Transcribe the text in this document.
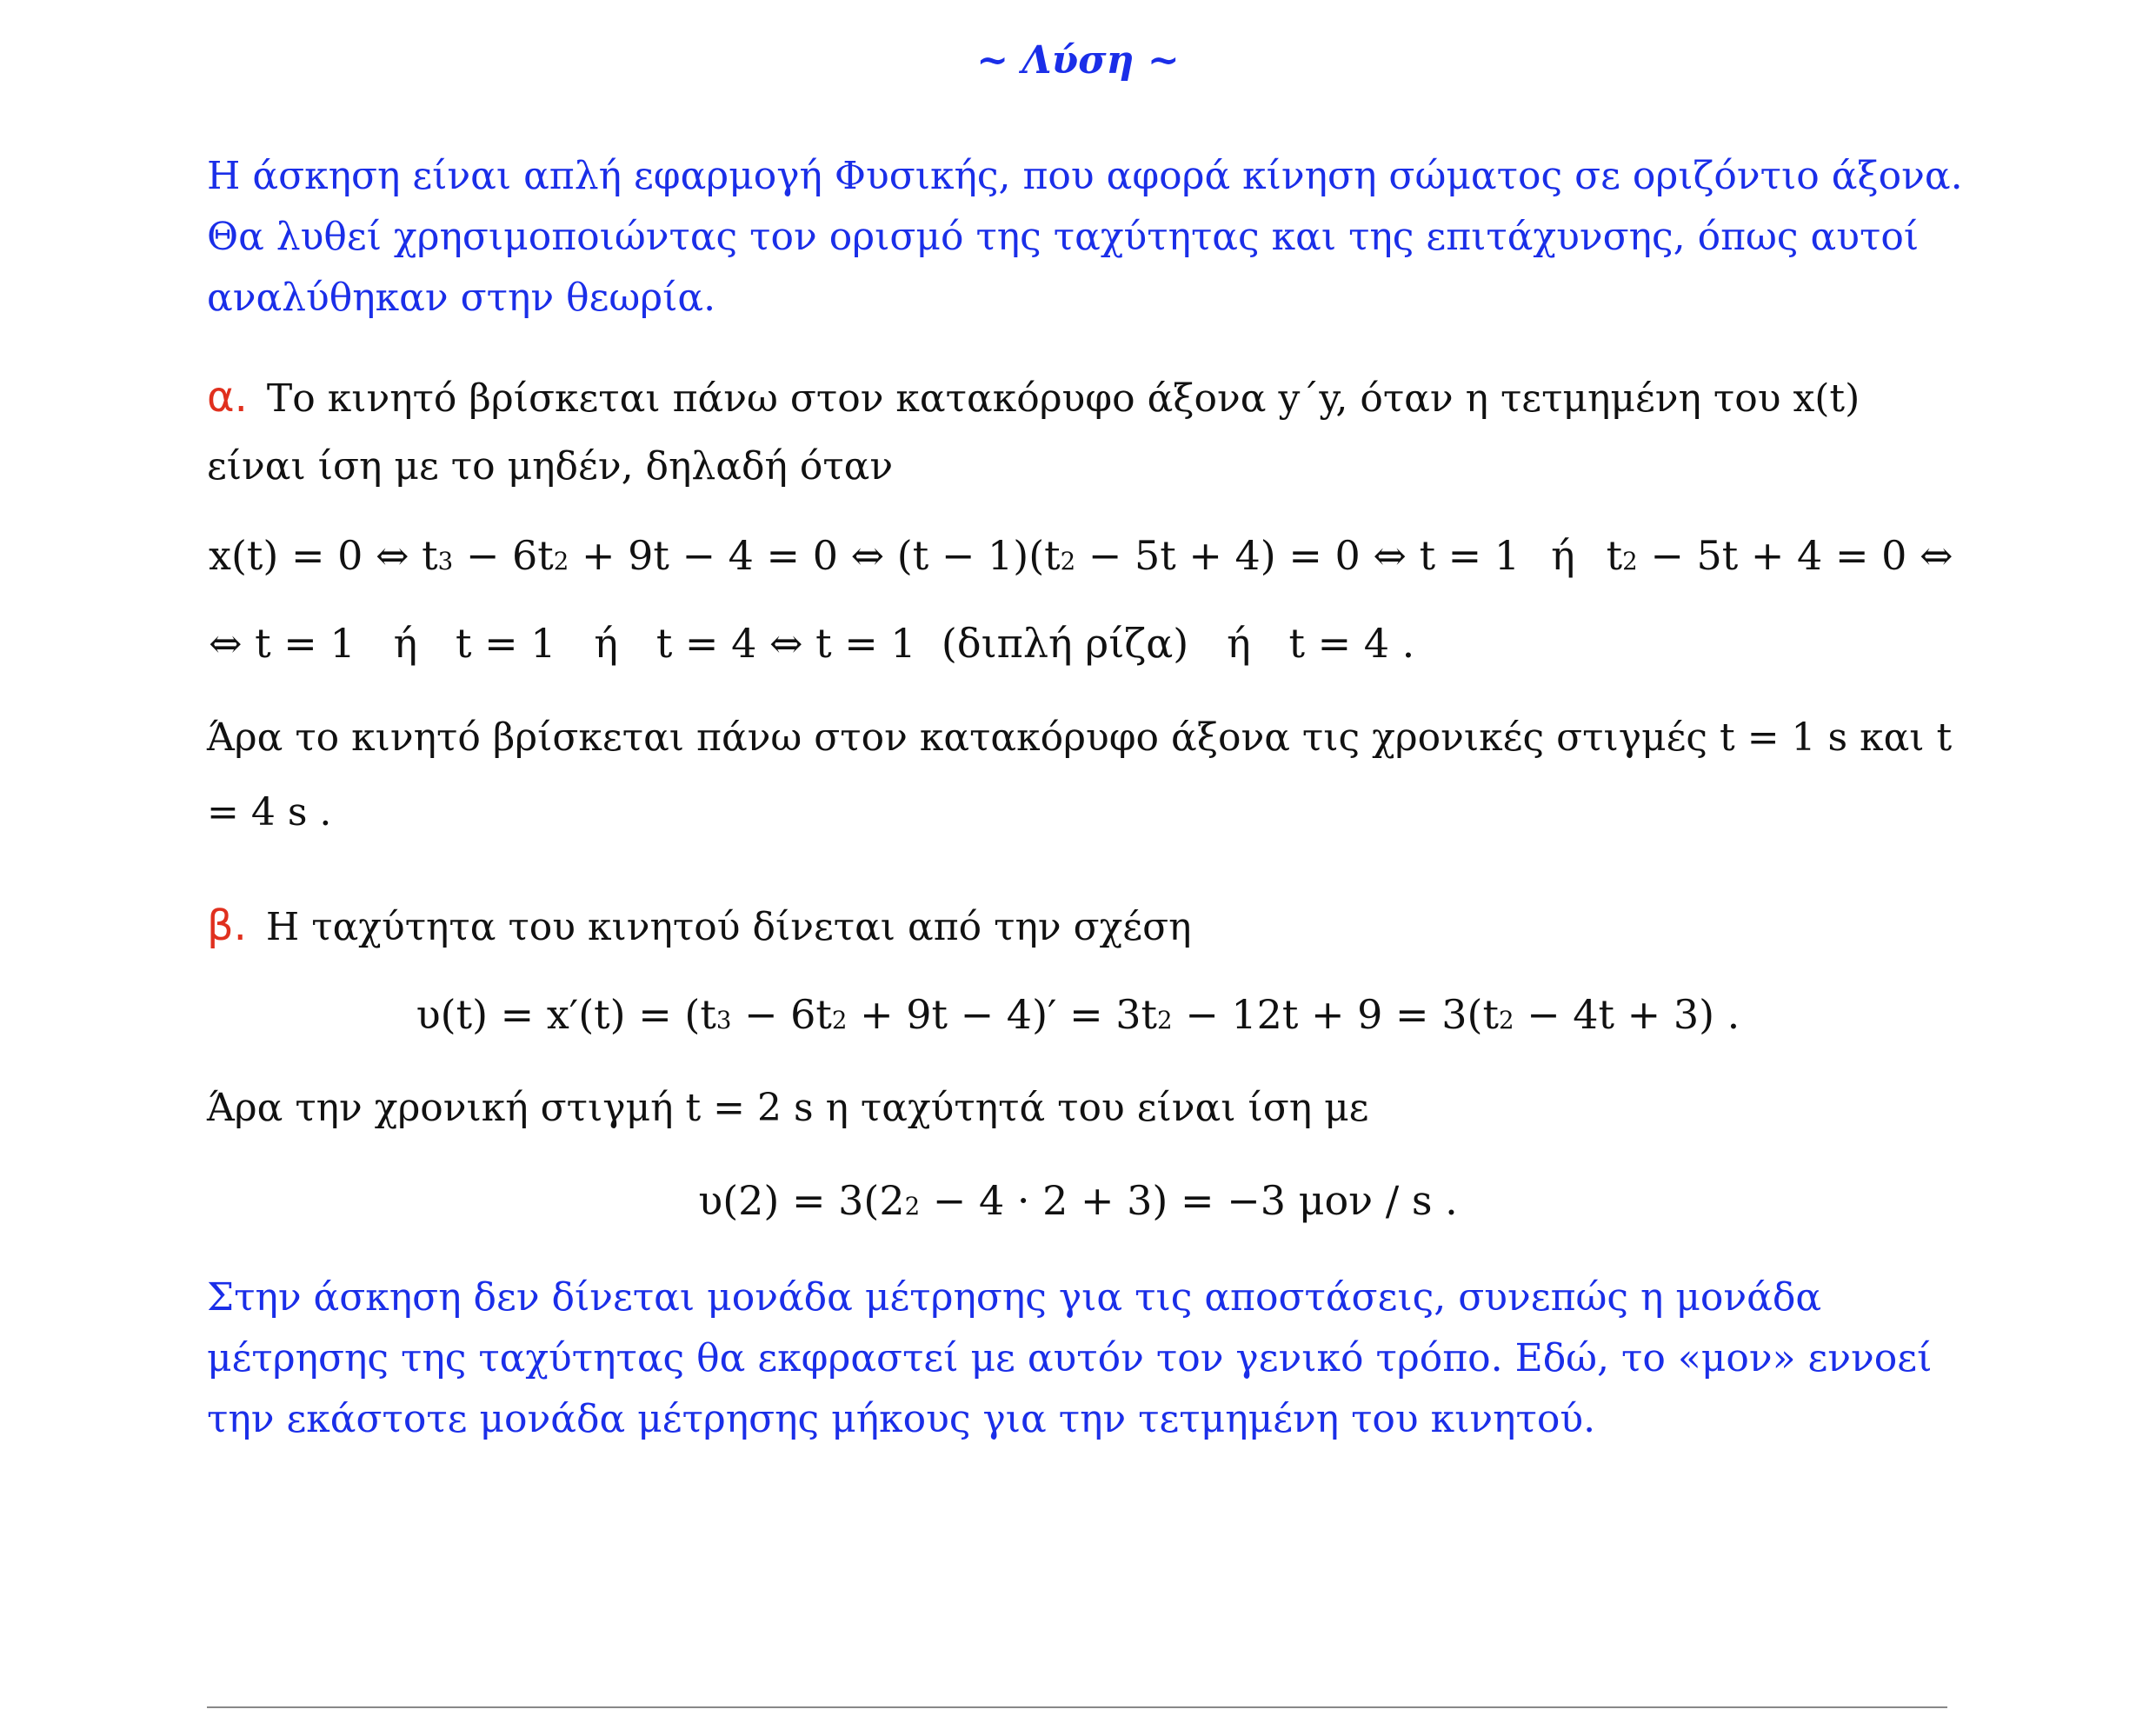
~ Λύση ~

Η άσκηση είναι απλή εφαρμογή Φυσικής, που αφορά κίνηση σώματος σε οριζόντιο άξονα. Θα λυθεί χρησιμοποιώντας τον ορισμό της ταχύτητας και της επιτάχυνσης, όπως αυτοί αναλύθηκαν στην θεωρία.

α. Το κινητό βρίσκεται πάνω στον κατακόρυφο άξονα y΄y, όταν η τετμημένη του x(t) είναι ίση με το μηδέν, δηλαδή όταν

x(t) = 0 ⇔ $t^3 - 6t^2 + 9t - 4 = 0$ ⇔ $(t - 1)(t^2 - 5t + 4) = 0$ ⇔ t = 1 ή $t^2 - 5t + 4 = 0$ ⇔

⇔ t = 1   ή   t = 1   ή   t = 4 ⇔ t = 1  (διπλή ρίζα)   ή   t = 4 .

Άρα το κινητό βρίσκεται πάνω στον κατακόρυφο άξονα τις χρονικές στιγμές t = 1 s και t = 4 s .

β. Η ταχύτητα του κινητού δίνεται από την σχέση

$\upsilon(t) = x'(t) = (t^3 - 6t^2 + 9t - 4)' = 3t^2 - 12t + 9 = 3(t^2 - 4t + 3)$ .

Άρα την χρονική στιγμή t = 2 s η ταχύτητά του είναι ίση με

$\upsilon(2) = 3(2^2 - 4 \cdot 2 + 3) = -3$ μον / s .

Στην άσκηση δεν δίνεται μονάδα μέτρησης για τις αποστάσεις, συνεπώς η μονάδα μέτρησης της ταχύτητας θα εκφραστεί με αυτόν τον γενικό τρόπο. Εδώ, το «μον» εννοεί την εκάστοτε μονάδα μέτρησης μήκους για την τετμημένη του κινητού.
